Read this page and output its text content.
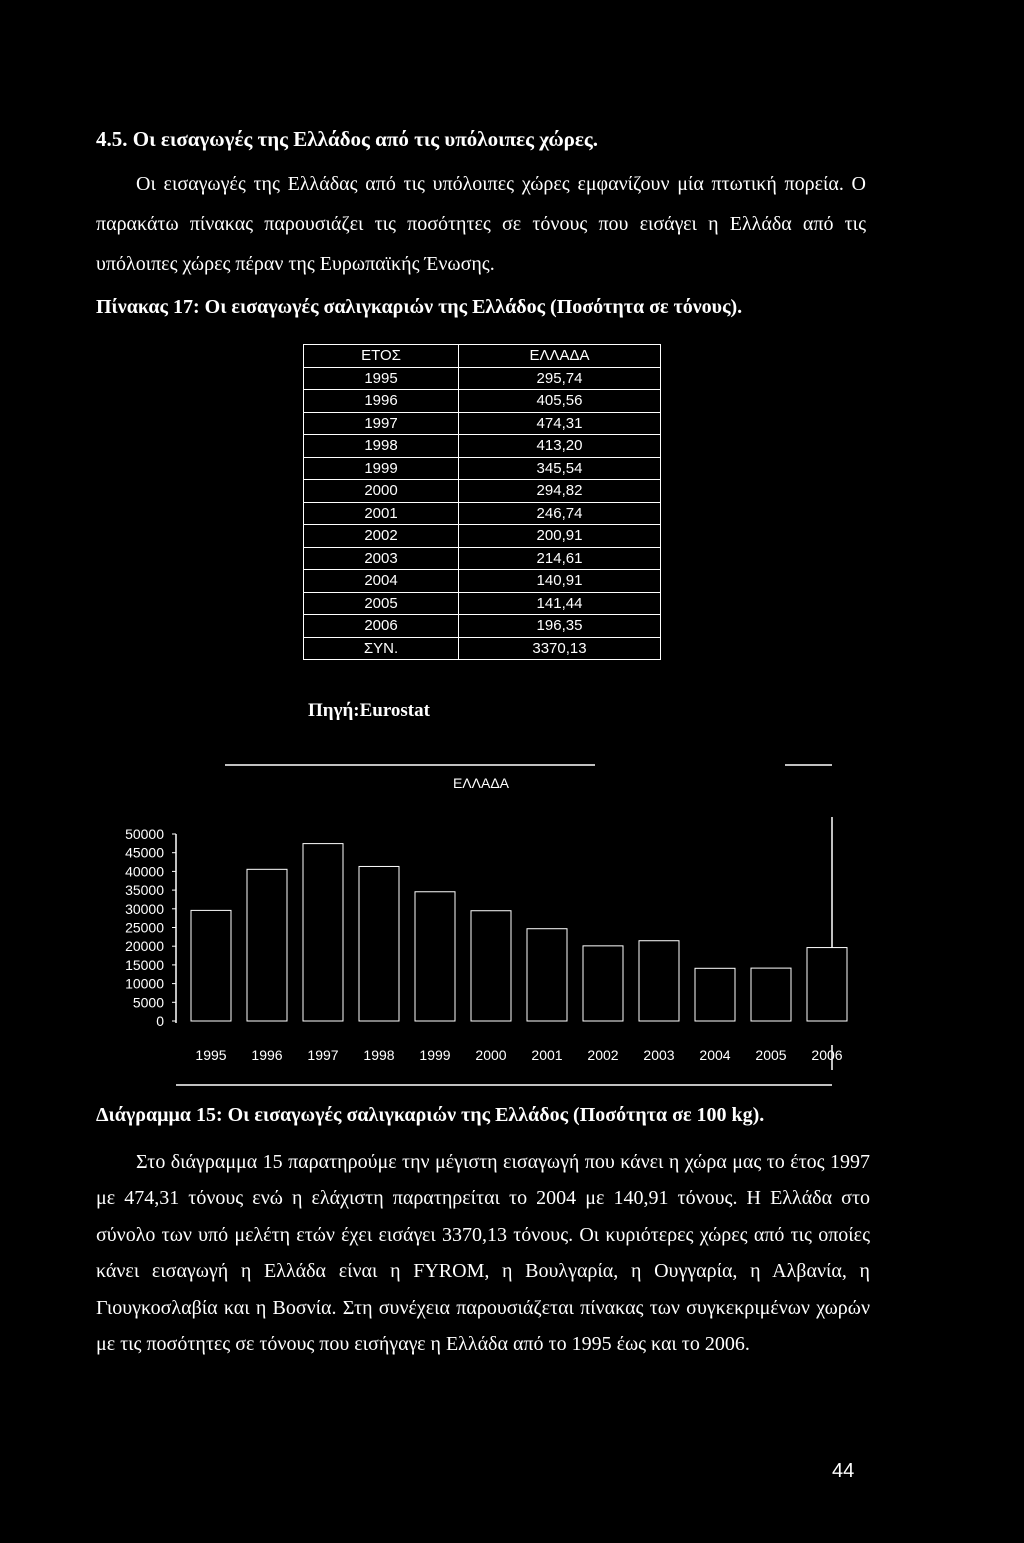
4.5. Οι εισαγωγές της Ελλάδος από τις υπόλοιπες χώρες.

Οι εισαγωγές της Ελλάδας από τις υπόλοιπες χώρες εμφανίζουν μία πτωτική πορεία. Ο παρακάτω πίνακας παρουσιάζει τις ποσότητες σε τόνους που εισάγει η Ελλάδα από τις υπόλοιπες χώρες πέραν της Ευρωπαϊκής Ένωσης.

Πίνακας 17: Οι εισαγωγές σαλιγκαριών της Ελλάδος (Ποσότητα σε τόνους).
ΕΤΟΣ	ΕΛΛΑΔΑ
1995	295,74
1996	405,56
1997	474,31
1998	413,20
1999	345,54
2000	294,82
2001	246,74
2002	200,91
2003	214,61
2004	140,91
2005	141,44
2006	196,35
ΣΥΝ.	3370,13
Πηγή:Eurostat
ΕΛΛΑΔΑ
50000
45000
40000
35000
30000
25000
20000
15000
10000
5000
0
1995 1996 1997 1998 1999 2000 2001 2002 2003 2004 2005 2006
Διάγραμμα 15: Οι εισαγωγές σαλιγκαριών της Ελλάδος (Ποσότητα σε 100 kg).

Στο διάγραμμα 15 παρατηρούμε την μέγιστη εισαγωγή που κάνει η χώρα μας το έτος 1997 με 474,31 τόνους ενώ η ελάχιστη παρατηρείται το 2004 με 140,91 τόνους. Η Ελλάδα στο σύνολο των υπό μελέτη ετών έχει εισάγει 3370,13 τόνους. Οι κυριότερες χώρες από τις οποίες κάνει εισαγωγή η Ελλάδα είναι η FYROM, η Βουλγαρία, η Ουγγαρία, η Αλβανία, η Γιουγκοσλαβία και η Βοσνία. Στη συνέχεια παρουσιάζεται πίνακας των συγκεκριμένων χωρών με τις ποσότητες σε τόνους που εισήγαγε η Ελλάδα από το 1995 έως και το 2006.

44
